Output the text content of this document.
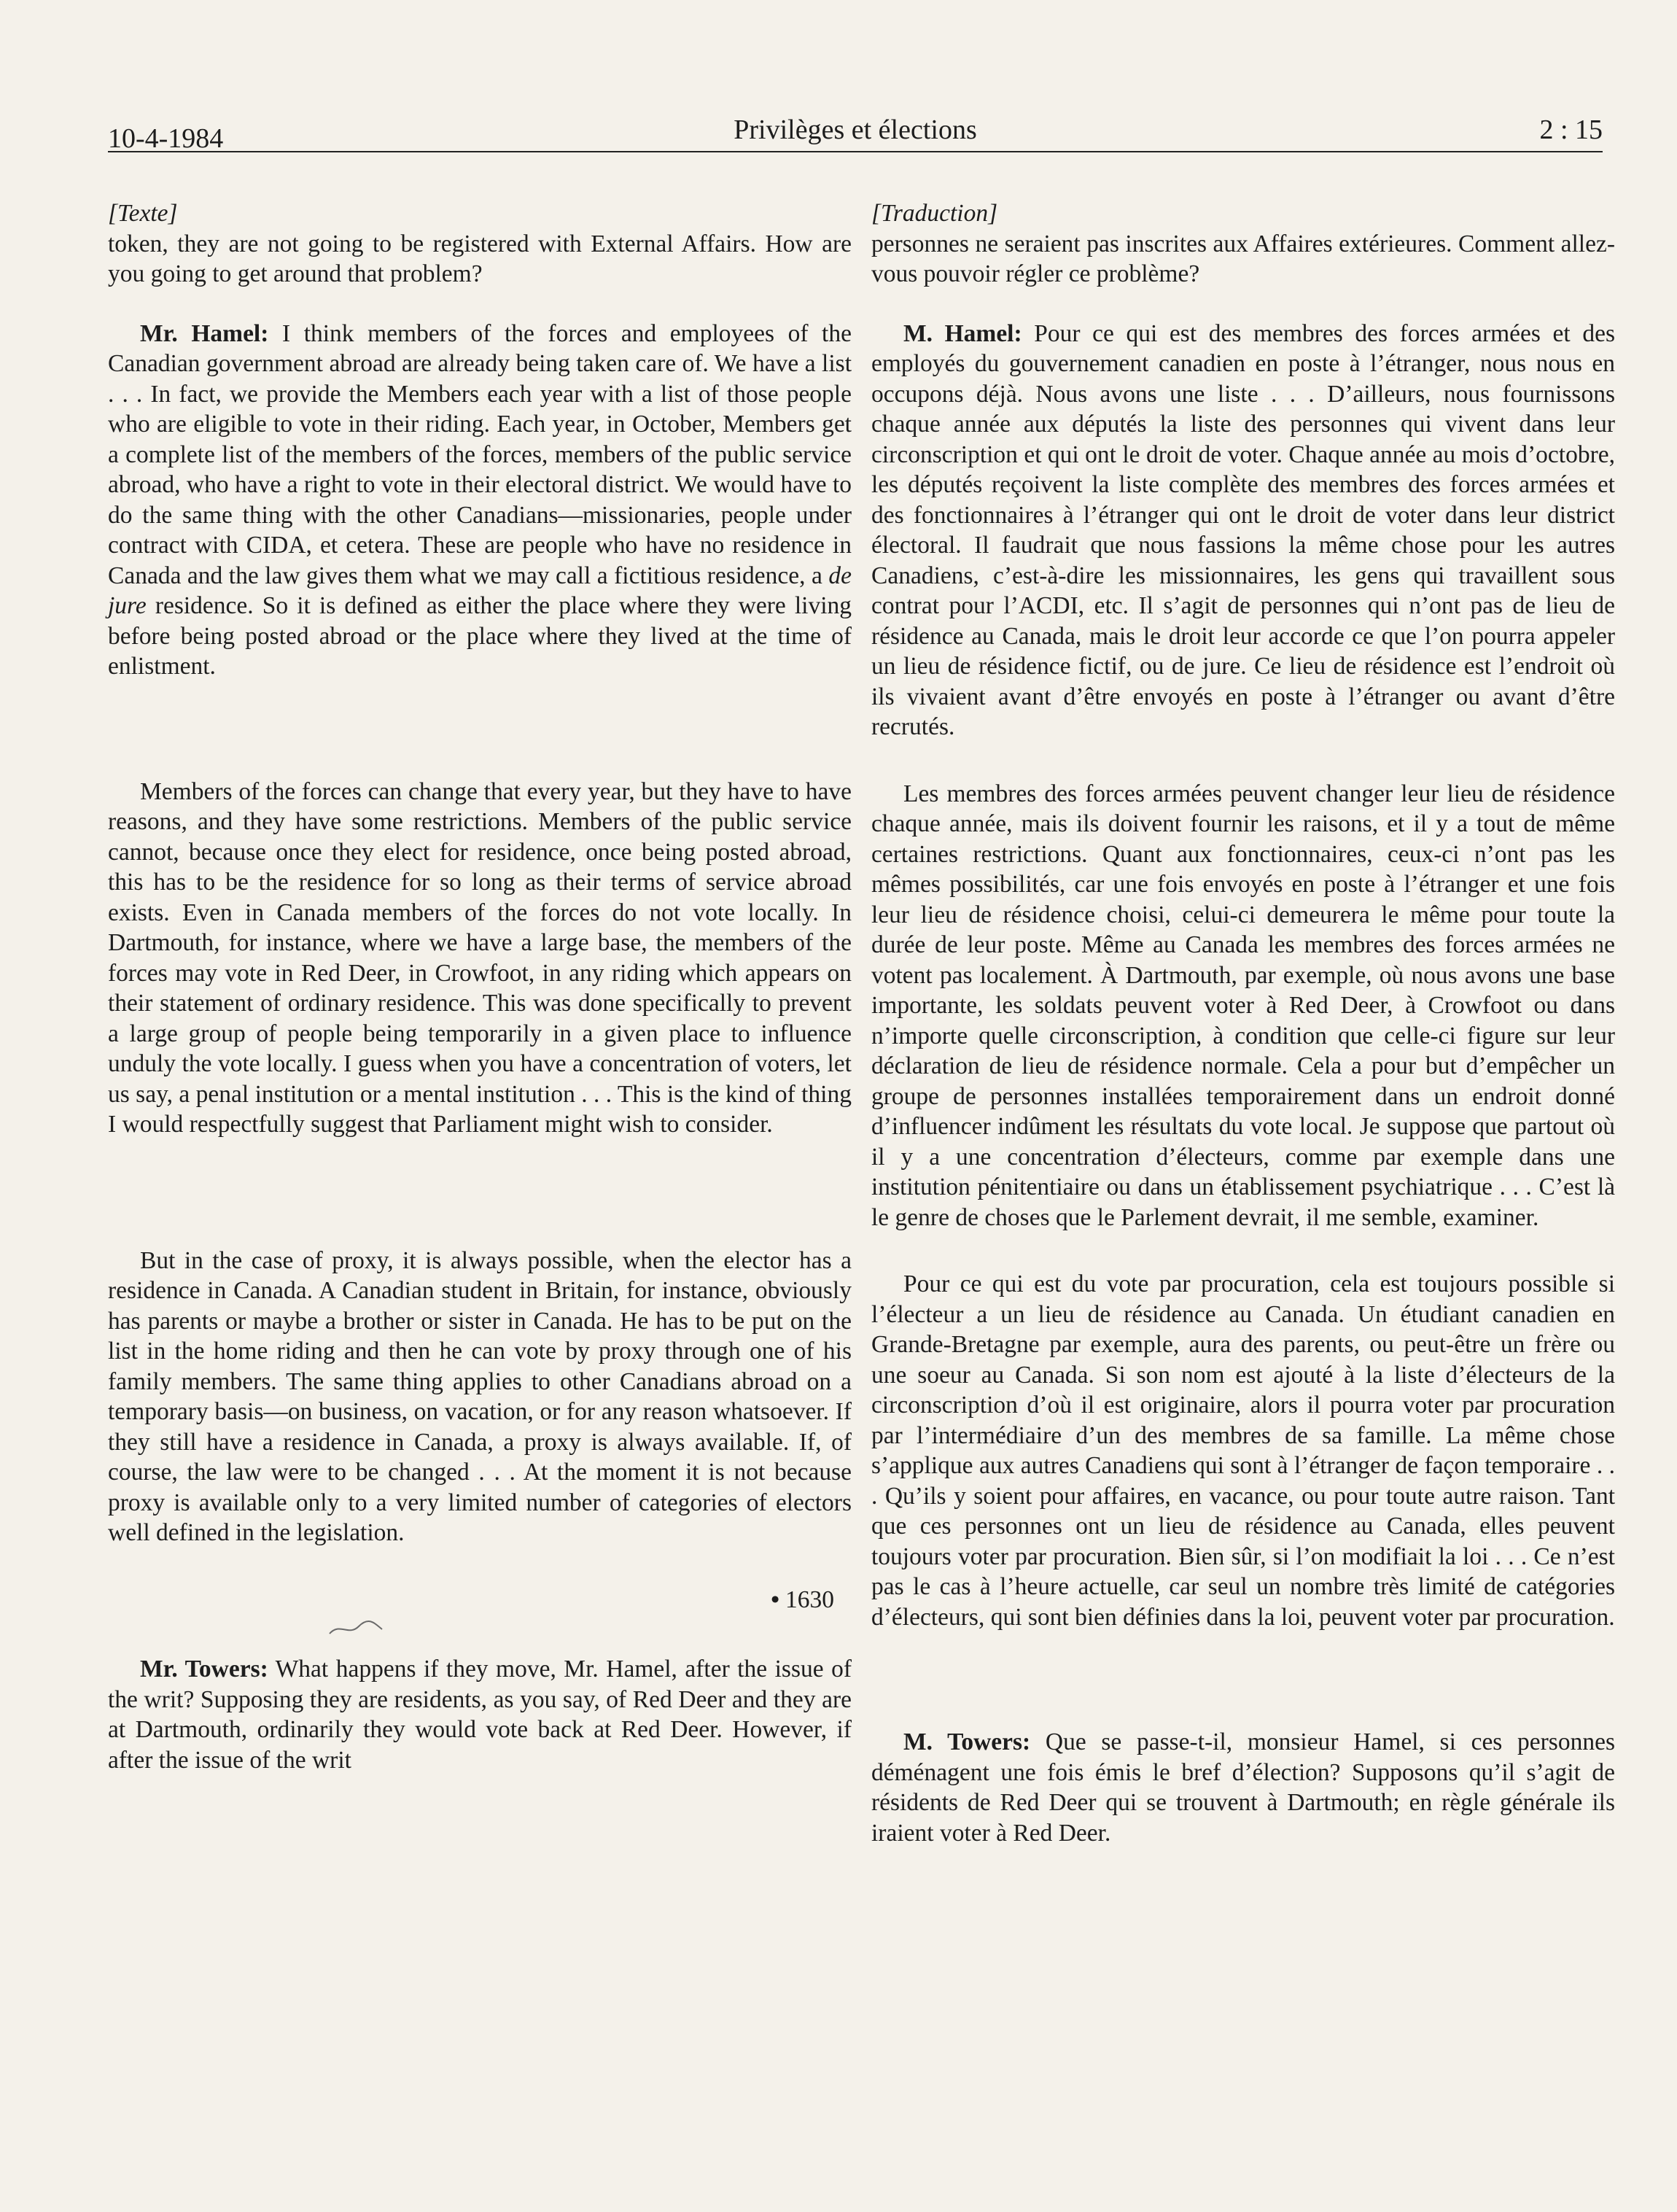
10-4-1984	Privilèges et élections	2 : 15

[Texte]

token, they are not going to be registered with External Affairs. How are you going to get around that problem?

Mr. Hamel: I think members of the forces and employees of the Canadian government abroad are already being taken care of. We have a list . . . In fact, we provide the Members each year with a list of those people who are eligible to vote in their riding. Each year, in October, Members get a complete list of the members of the forces, members of the public service abroad, who have a right to vote in their electoral district. We would have to do the same thing with the other Canadians—missionaries, people under contract with CIDA, et cetera. These are people who have no residence in Canada and the law gives them what we may call a fictitious residence, a de jure residence. So it is defined as either the place where they were living before being posted abroad or the place where they lived at the time of enlistment.

Members of the forces can change that every year, but they have to have reasons, and they have some restrictions. Members of the public service cannot, because once they elect for residence, once being posted abroad, this has to be the residence for so long as their terms of service abroad exists. Even in Canada members of the forces do not vote locally. In Dartmouth, for instance, where we have a large base, the members of the forces may vote in Red Deer, in Crowfoot, in any riding which appears on their statement of ordinary residence. This was done specifically to prevent a large group of people being temporarily in a given place to influence unduly the vote locally. I guess when you have a concentration of voters, let us say, a penal institution or a mental institution . . . This is the kind of thing I would respectfully suggest that Parliament might wish to consider.

But in the case of proxy, it is always possible, when the elector has a residence in Canada. A Canadian student in Britain, for instance, obviously has parents or maybe a brother or sister in Canada. He has to be put on the list in the home riding and then he can vote by proxy through one of his family members. The same thing applies to other Canadians abroad on a temporary basis—on business, on vacation, or for any reason whatsoever. If they still have a residence in Canada, a proxy is always available. If, of course, the law were to be changed . . . At the moment it is not because proxy is available only to a very limited number of categories of electors well defined in the legislation.

• 1630

Mr. Towers: What happens if they move, Mr. Hamel, after the issue of the writ? Supposing they are residents, as you say, of Red Deer and they are at Dartmouth, ordinarily they would vote back at Red Deer. However, if after the issue of the writ

[Traduction]

personnes ne seraient pas inscrites aux Affaires extérieures. Comment allez-vous pouvoir régler ce problème?

M. Hamel: Pour ce qui est des membres des forces armées et des employés du gouvernement canadien en poste à l’étranger, nous nous en occupons déjà. Nous avons une liste . . . D’ailleurs, nous fournissons chaque année aux députés la liste des personnes qui vivent dans leur circonscription et qui ont le droit de voter. Chaque année au mois d’octobre, les députés reçoivent la liste complète des membres des forces armées et des fonctionnaires à l’étranger qui ont le droit de voter dans leur district électoral. Il faudrait que nous fassions la même chose pour les autres Canadiens, c’est-à-dire les missionnaires, les gens qui travaillent sous contrat pour l’ACDI, etc. Il s’agit de personnes qui n’ont pas de lieu de résidence au Canada, mais le droit leur accorde ce que l’on pourra appeler un lieu de résidence fictif, ou de jure. Ce lieu de résidence est l’endroit où ils vivaient avant d’être envoyés en poste à l’étranger ou avant d’être recrutés.

Les membres des forces armées peuvent changer leur lieu de résidence chaque année, mais ils doivent fournir les raisons, et il y a tout de même certaines restrictions. Quant aux fonctionnaires, ceux-ci n’ont pas les mêmes possibilités, car une fois envoyés en poste à l’étranger et une fois leur lieu de résidence choisi, celui-ci demeurera le même pour toute la durée de leur poste. Même au Canada les membres des forces armées ne votent pas localement. À Dartmouth, par exemple, où nous avons une base importante, les soldats peuvent voter à Red Deer, à Crowfoot ou dans n’importe quelle circonscription, à condition que celle-ci figure sur leur déclaration de lieu de résidence normale. Cela a pour but d’empêcher un groupe de personnes installées temporairement dans un endroit donné d’influencer indûment les résultats du vote local. Je suppose que partout où il y a une concentration d’électeurs, comme par exemple dans une institution pénitentiaire ou dans un établissement psychiatrique . . . C’est là le genre de choses que le Parlement devrait, il me semble, examiner.

Pour ce qui est du vote par procuration, cela est toujours possible si l’électeur a un lieu de résidence au Canada. Un étudiant canadien en Grande-Bretagne par exemple, aura des parents, ou peut-être un frère ou une soeur au Canada. Si son nom est ajouté à la liste d’électeurs de la circonscription d’où il est originaire, alors il pourra voter par procuration par l’intermédiaire d’un des membres de sa famille. La même chose s’applique aux autres Canadiens qui sont à l’étranger de façon temporaire . . . Qu’ils y soient pour affaires, en vacance, ou pour toute autre raison. Tant que ces personnes ont un lieu de résidence au Canada, elles peuvent toujours voter par procuration. Bien sûr, si l’on modifiait la loi . . . Ce n’est pas le cas à l’heure actuelle, car seul un nombre très limité de catégories d’électeurs, qui sont bien définies dans la loi, peuvent voter par procuration.

M. Towers: Que se passe-t-il, monsieur Hamel, si ces personnes déménagent une fois émis le bref d’élection? Supposons qu’il s’agit de résidents de Red Deer qui se trouvent à Dartmouth; en règle générale ils iraient voter à Red Deer.
